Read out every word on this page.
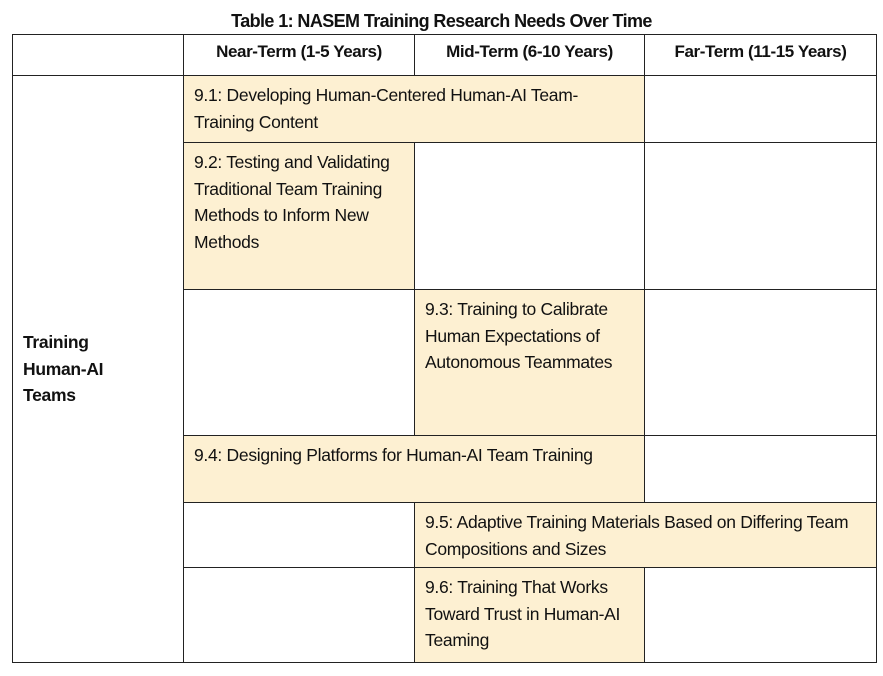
Table 1: NASEM Training Research Needs Over Time
Near-Term (1-5 Years)	Mid-Term (6-10 Years)	Far-Term (11-15 Years)
Training Human-AI Teams
9.1: Developing Human-Centered Human-AI Team-Training Content
9.2: Testing and Validating Traditional Team Training Methods to Inform New Methods
9.3: Training to Calibrate Human Expectations of Autonomous Teammates
9.4: Designing Platforms for Human-AI Team Training
9.5: Adaptive Training Materials Based on Differing Team Compositions and Sizes
9.6: Training That Works Toward Trust in Human-AI Teaming
